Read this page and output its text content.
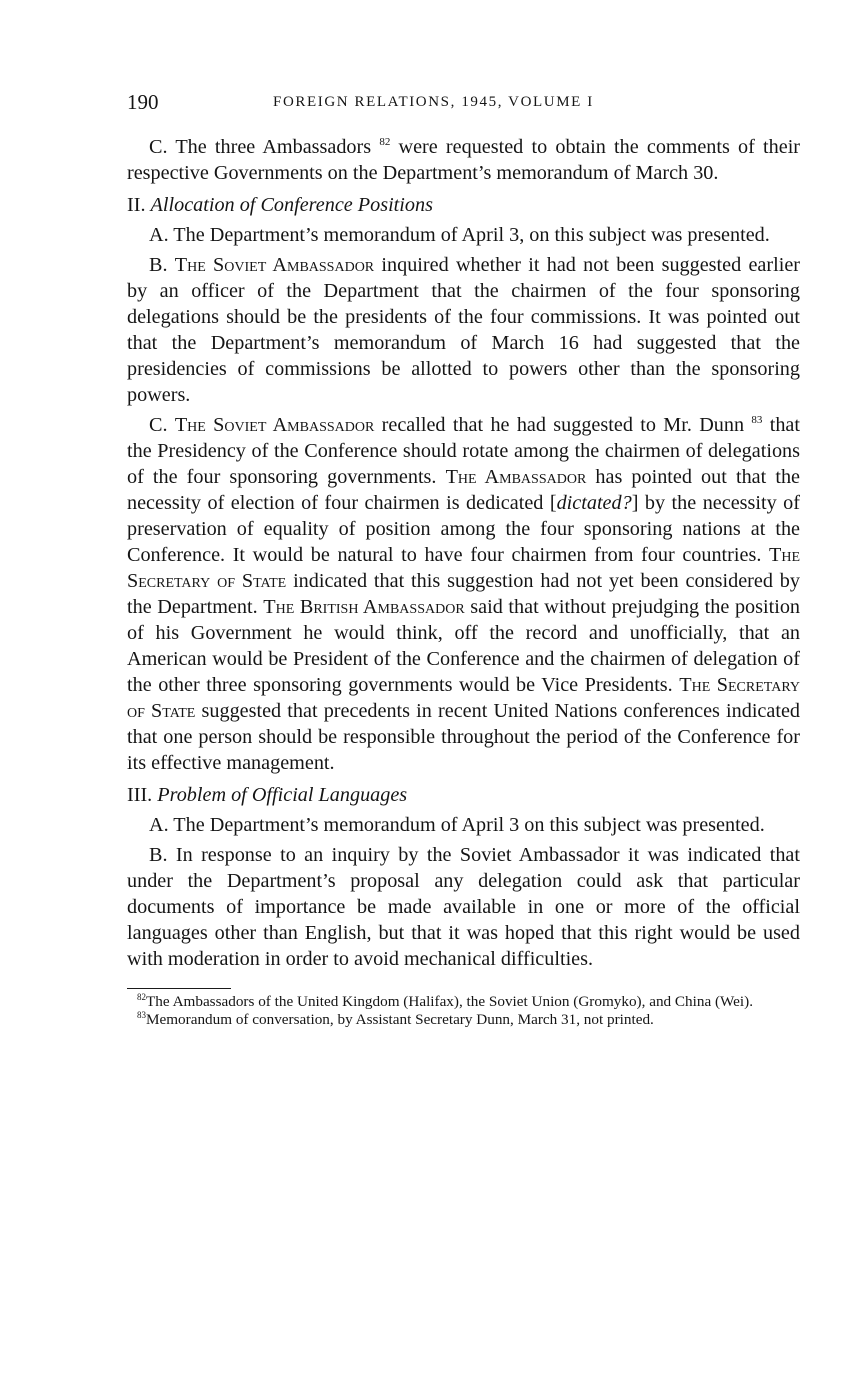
190	FOREIGN RELATIONS, 1945, VOLUME I

C. The three Ambassadors $^{82}$ were requested to obtain the comments of their respective Governments on the Department’s memorandum of March 30.

II. Allocation of Conference Positions

A. The Department’s memorandum of April 3, on this subject was presented.

B. The Soviet Ambassador inquired whether it had not been suggested earlier by an officer of the Department that the chairmen of the four sponsoring delegations should be the presidents of the four commissions. It was pointed out that the Department’s memorandum of March 16 had suggested that the presidencies of commissions be allotted to powers other than the sponsoring powers.

C. The Soviet Ambassador recalled that he had suggested to Mr. Dunn $^{83}$ that the Presidency of the Conference should rotate among the chairmen of delegations of the four sponsoring governments. The Ambassador has pointed out that the necessity of election of four chairmen is dedicated [dictated?] by the necessity of preservation of equality of position among the four sponsoring nations at the Conference. It would be natural to have four chairmen from four countries. The Secretary of State indicated that this suggestion had not yet been considered by the Department. The British Ambassador said that without prejudging the position of his Government he would think, off the record and unofficially, that an American would be President of the Conference and the chairmen of delegation of the other three sponsoring governments would be Vice Presidents. The Secretary of State suggested that precedents in recent United Nations conferences indicated that one person should be responsible throughout the period of the Conference for its effective management.

III. Problem of Official Languages

A. The Department’s memorandum of April 3 on this subject was presented.

B. In response to an inquiry by the Soviet Ambassador it was indicated that under the Department’s proposal any delegation could ask that particular documents of importance be made available in one or more of the official languages other than English, but that it was hoped that this right would be used with moderation in order to avoid mechanical difficulties.

$^{82}$The Ambassadors of the United Kingdom (Halifax), the Soviet Union (Gromyko), and China (Wei).

$^{83}$Memorandum of conversation, by Assistant Secretary Dunn, March 31, not printed.
